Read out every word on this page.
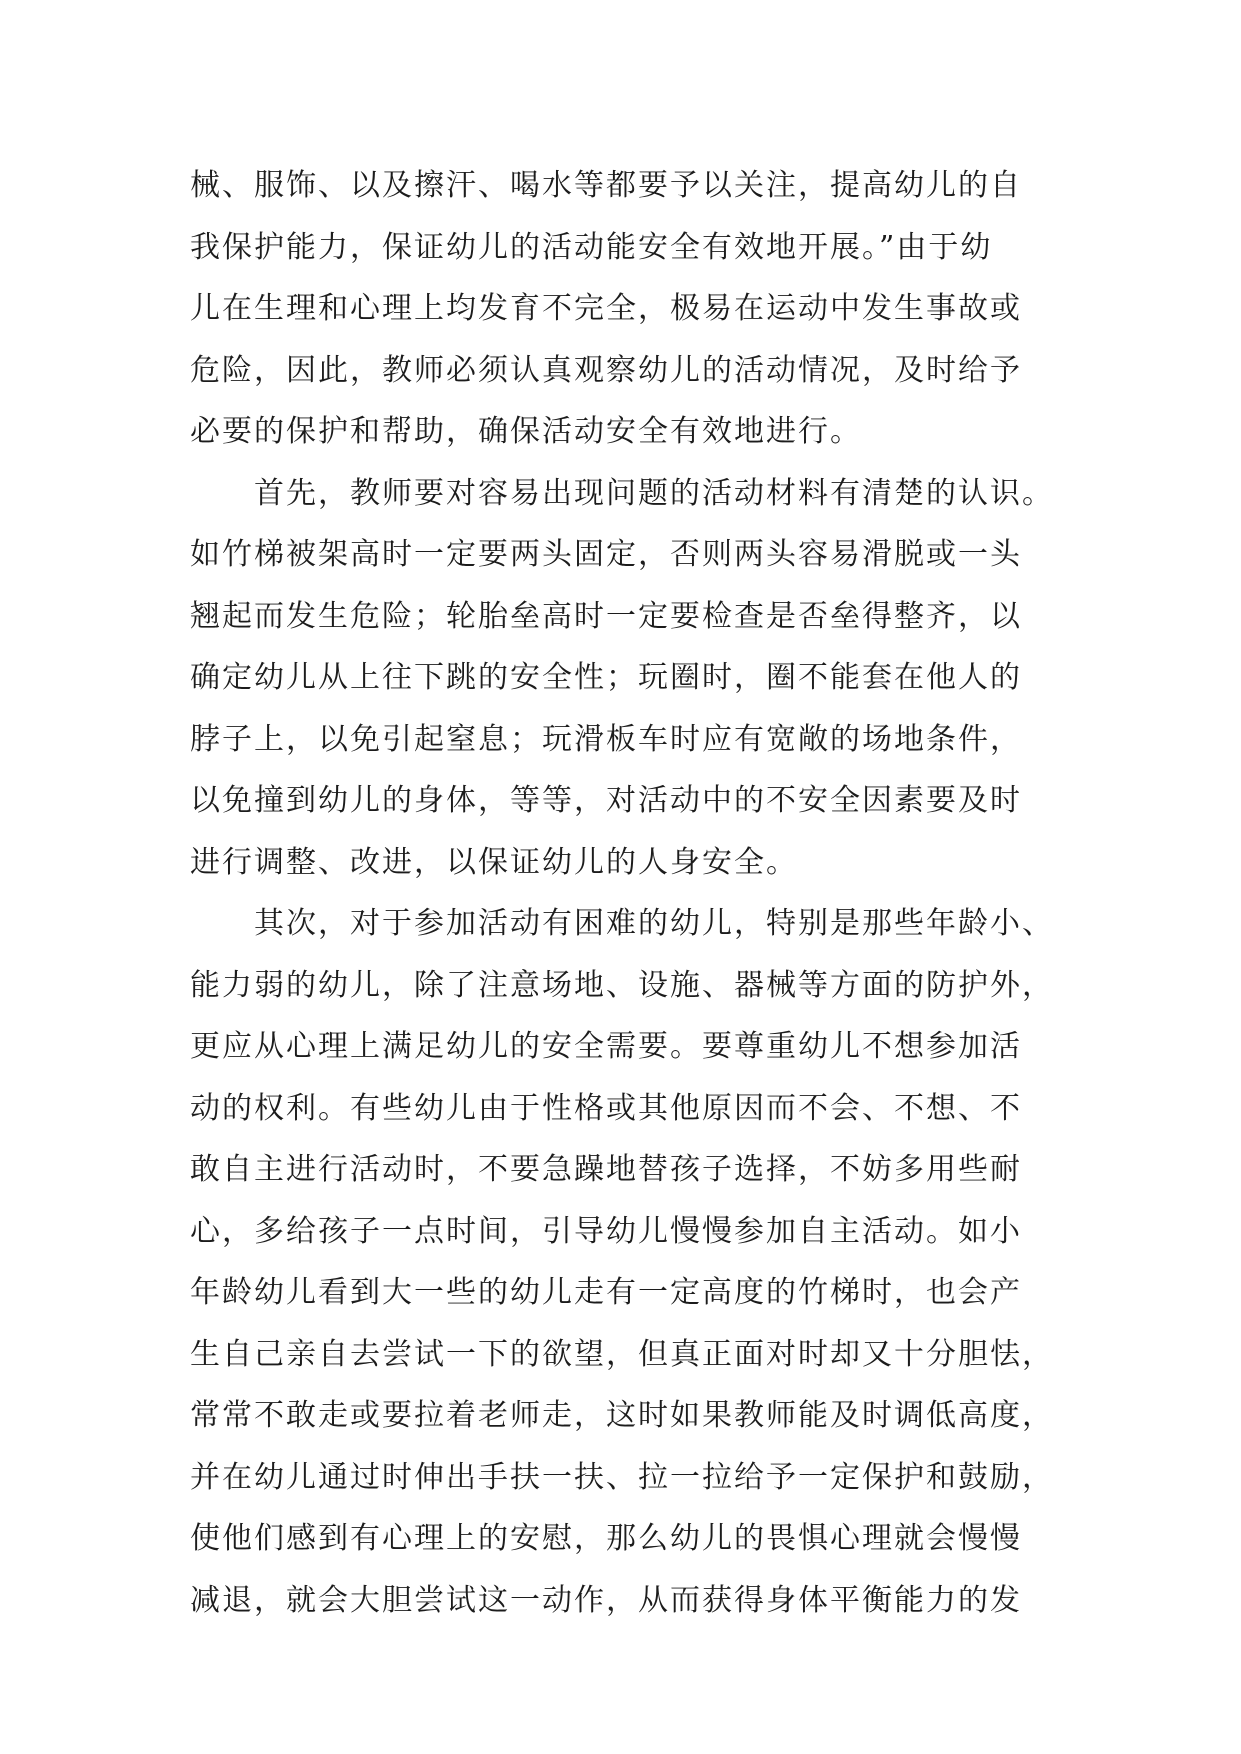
械、服饰、以及擦汗、喝水等都要予以关注，提高幼儿的自
我保护能力，保证幼儿的活动能安全有效地开展。”由于幼
儿在生理和心理上均发育不完全，极易在运动中发生事故或
危险，因此，教师必须认真观察幼儿的活动情况，及时给予
必要的保护和帮助，确保活动安全有效地进行。
　　首先，教师要对容易出现问题的活动材料有清楚的认识。
如竹梯被架高时一定要两头固定，否则两头容易滑脱或一头
翘起而发生危险；轮胎垒高时一定要检查是否垒得整齐，以
确定幼儿从上往下跳的安全性；玩圈时，圈不能套在他人的
脖子上，以免引起窒息；玩滑板车时应有宽敞的场地条件，
以免撞到幼儿的身体，等等，对活动中的不安全因素要及时
进行调整、改进，以保证幼儿的人身安全。
　　其次，对于参加活动有困难的幼儿，特别是那些年龄小、
能力弱的幼儿，除了注意场地、设施、器械等方面的防护外，
更应从心理上满足幼儿的安全需要。要尊重幼儿不想参加活
动的权利。有些幼儿由于性格或其他原因而不会、不想、不
敢自主进行活动时，不要急躁地替孩子选择，不妨多用些耐
心，多给孩子一点时间，引导幼儿慢慢参加自主活动。如小
年龄幼儿看到大一些的幼儿走有一定高度的竹梯时，也会产
生自己亲自去尝试一下的欲望，但真正面对时却又十分胆怯，
常常不敢走或要拉着老师走，这时如果教师能及时调低高度，
并在幼儿通过时伸出手扶一扶、拉一拉给予一定保护和鼓励，
使他们感到有心理上的安慰，那么幼儿的畏惧心理就会慢慢
减退，就会大胆尝试这一动作，从而获得身体平衡能力的发
